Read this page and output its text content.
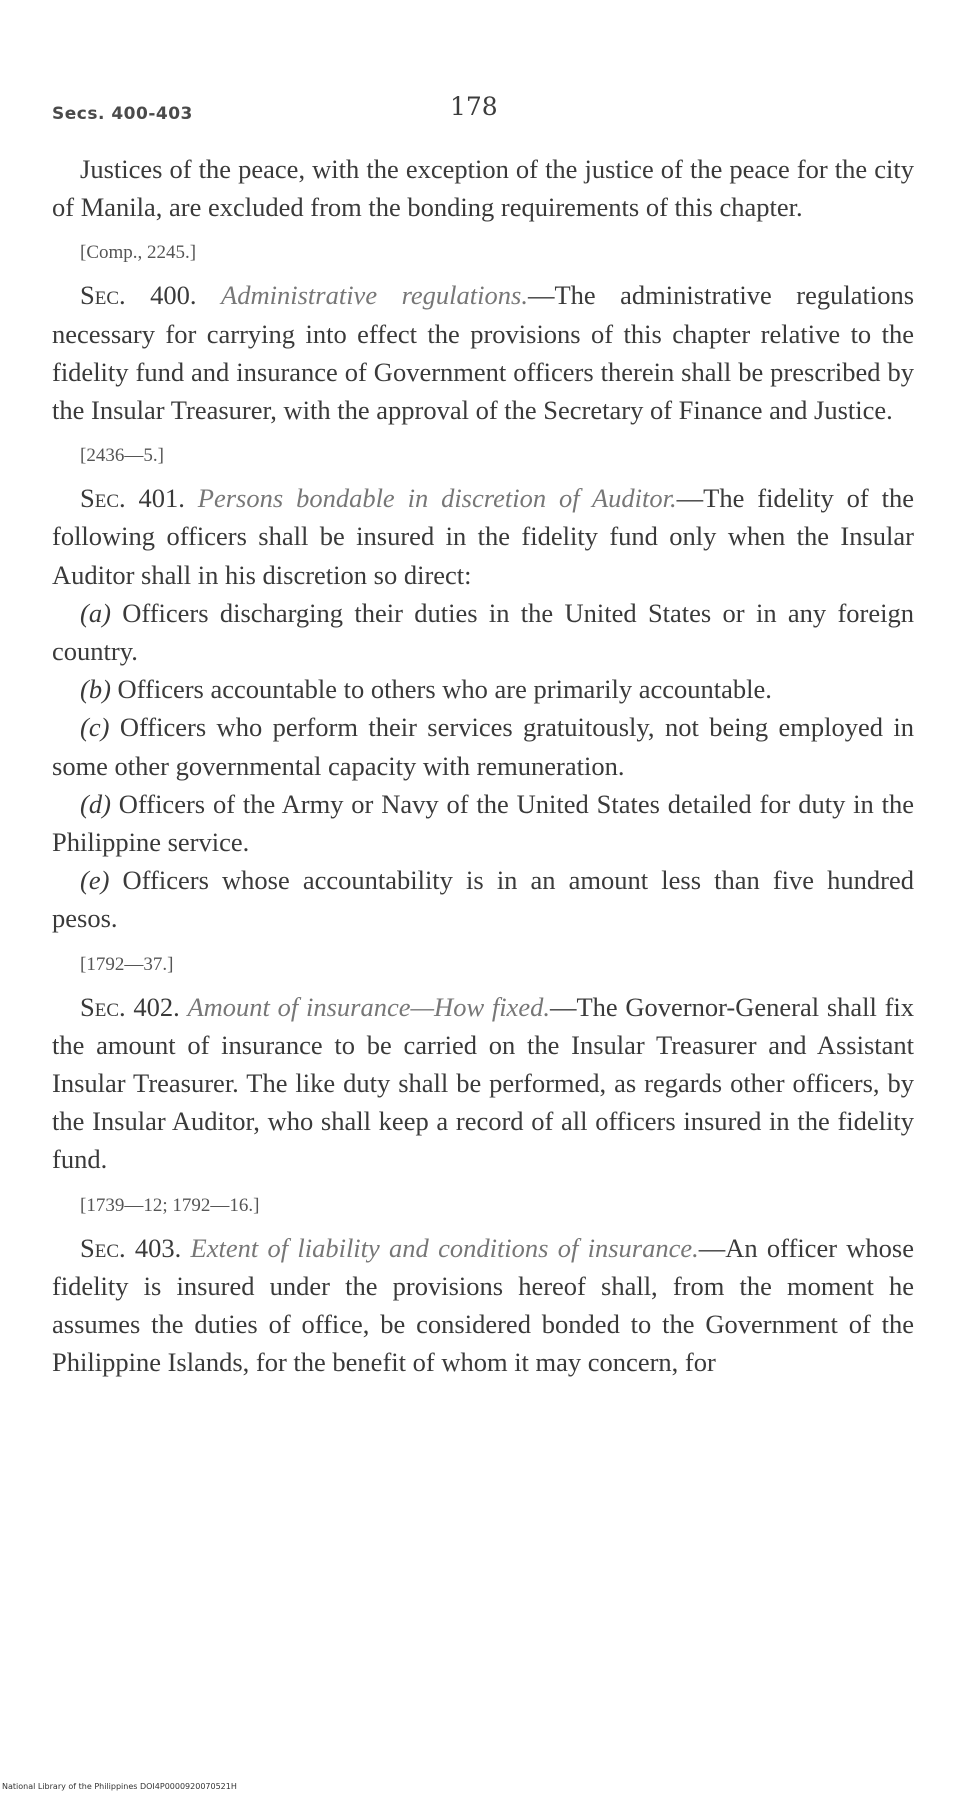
Secs. 400-403	178

Justices of the peace, with the exception of the justice of the peace for the city of Manila, are excluded from the bonding requirements of this chapter.

[Comp., 2245.]

Sec. 400. Administrative regulations.—The administrative regulations necessary for carrying into effect the provisions of this chapter relative to the fidelity fund and insurance of Government officers therein shall be prescribed by the Insular Treasurer, with the approval of the Secretary of Finance and Justice.

[2436—5.]

Sec. 401. Persons bondable in discretion of Auditor.—The fidelity of the following officers shall be insured in the fidelity fund only when the Insular Auditor shall in his discretion so direct:

(a) Officers discharging their duties in the United States or in any foreign country.

(b) Officers accountable to others who are primarily accountable.

(c) Officers who perform their services gratuitously, not being employed in some other governmental capacity with remuneration.

(d) Officers of the Army or Navy of the United States detailed for duty in the Philippine service.

(e) Officers whose accountability is in an amount less than five hundred pesos.

[1792—37.]

Sec. 402. Amount of insurance—How fixed.—The Governor-General shall fix the amount of insurance to be carried on the Insular Treasurer and Assistant Insular Treasurer. The like duty shall be performed, as regards other officers, by the Insular Auditor, who shall keep a record of all officers insured in the fidelity fund.

[1739—12; 1792—16.]

Sec. 403. Extent of liability and conditions of insurance.—An officer whose fidelity is insured under the provisions hereof shall, from the moment he assumes the duties of office, be considered bonded to the Government of the Philippine Islands, for the benefit of whom it may concern, for

National Library of the Philippines DOI4P0000920070521H
